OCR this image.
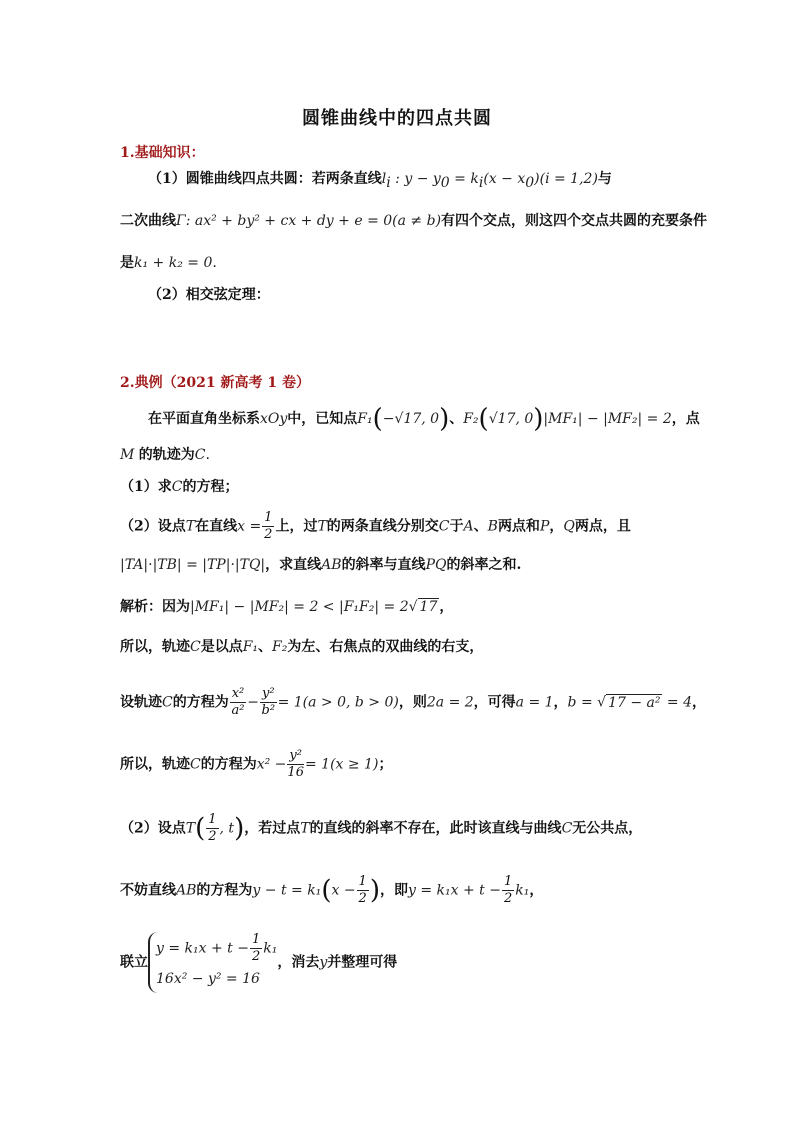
圆锥曲线中的四点共圆
1.基础知识：
（1）圆锥曲线四点共圆：若两条直线$l_i$ : $y - y_0 = k_i(x - x_0)(i = 1,2)$与
二次曲线Γ: ax² + by² + cx + dy + e = 0(a ≠ b)有四个交点，则这四个交点共圆的充要条件
是k₁ + k₂ = 0.
（2）相交弦定理：
2.典例（2021 新高考 1 卷）
在平面直角坐标系xOy中，已知点F₁(−√17, 0)、F₂(√17, 0)|MF₁| − |MF₂| = 2，点
M 的轨迹为C.
（1）求C的方程；
（2）设点T在直线$x = \frac{1}{2}$ 上，过T的两条直线分别交C于A、B两点和P，Q两点，且
|TA|·|TB| = |TP|·|TQ|，求直线AB的斜率与直线PQ的斜率之和.
解析：因为|MF₁| − |MF₂| = 2 < |F₁F₂| = 2√ 17 ，
所以，轨迹C是以点F₁、F₂为左、右焦点的双曲线的右支，
设轨迹C的方程为 $\frac{\text{x²}}{\text{a²}} - \frac{\text{y²}}{\text{b²}} = 1(a > 0$, b > 0)，则2a = 2，可得a = 1，b = √ 17 − a² = 4，
所以，轨迹C的方程为$x^2 - \frac{\text{y²}}{16} = 1(x \ge 1)$；
（2）设点$T( \frac{1}{2}$ , t)，若过点T的直线的斜率不存在，此时该直线与曲线C无公共点，
不妨直线AB的方程为$y - t = k_1(x - \frac{1}{2}$ )，即$y = k_1x + t - \frac{1}{2} k_1$，
联立
$y = k_1x + t - \frac{1}{2} k_1$
16x² − y² = 16
，消去y并整理可得
